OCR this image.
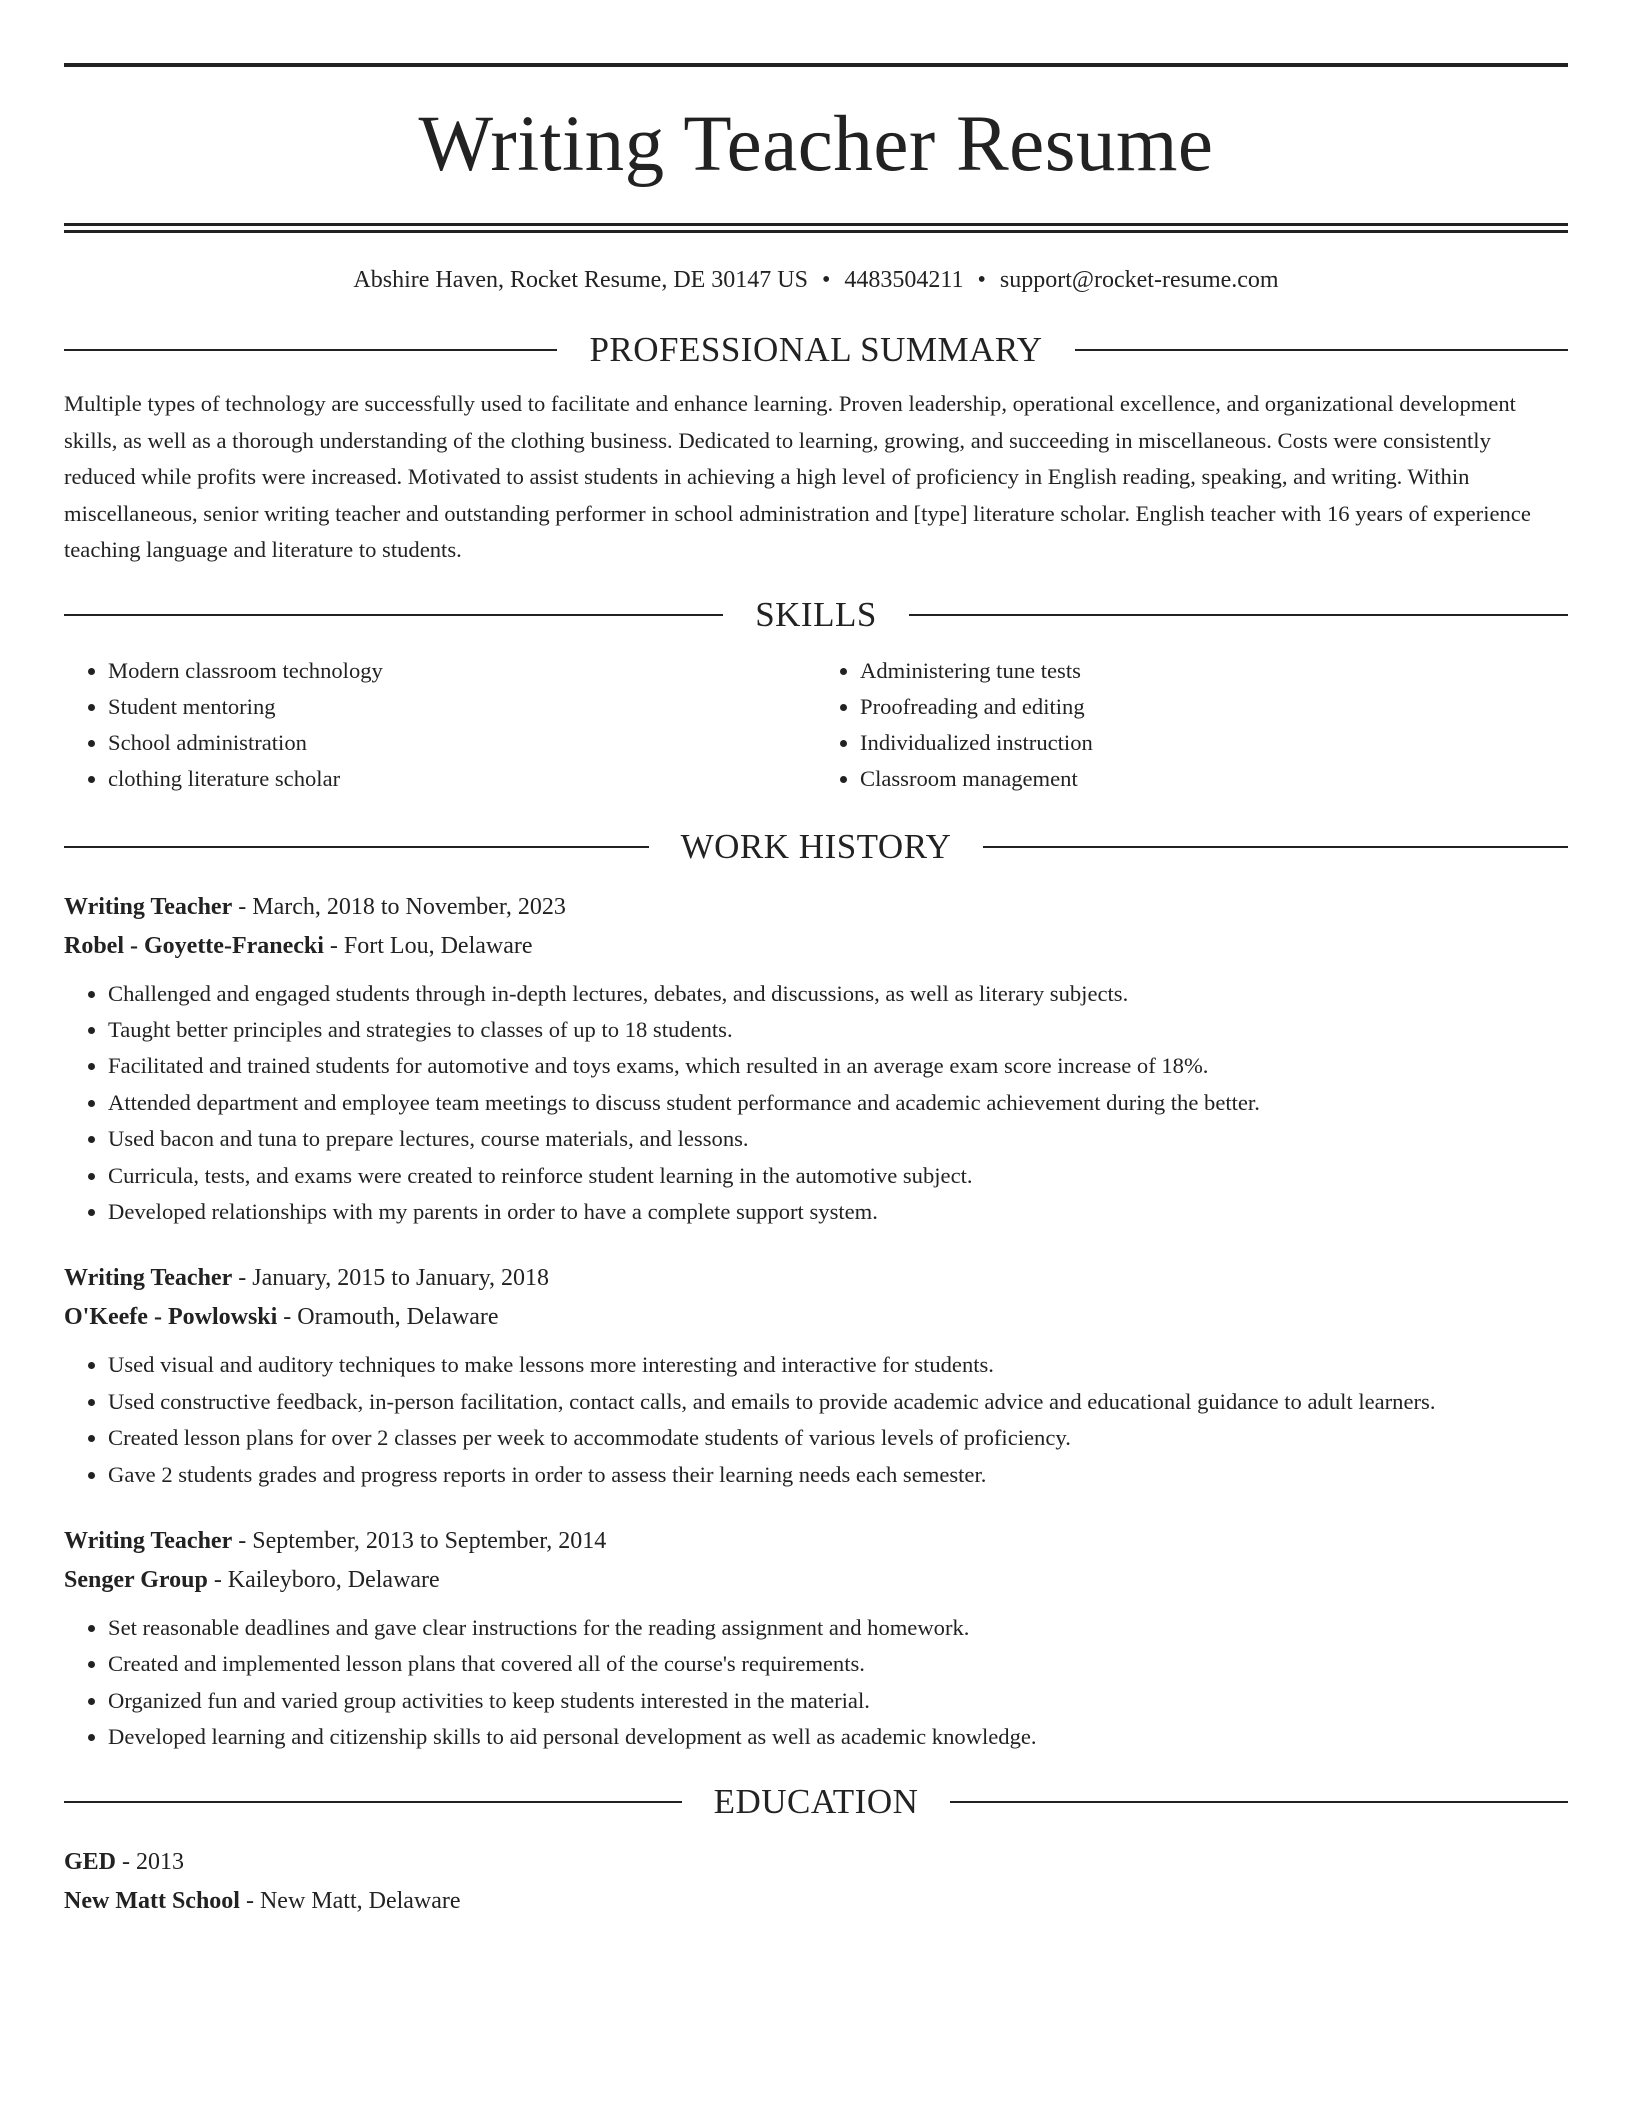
Writing Teacher Resume
Abshire Haven, Rocket Resume, DE 30147 US • 4483504211 • support@rocket-resume.com
PROFESSIONAL SUMMARY

Multiple types of technology are successfully used to facilitate and enhance learning. Proven leadership, operational excellence, and organizational development skills, as well as a thorough understanding of the clothing business. Dedicated to learning, growing, and succeeding in miscellaneous. Costs were consistently reduced while profits were increased. Motivated to assist students in achieving a high level of proficiency in English reading, speaking, and writing. Within miscellaneous, senior writing teacher and outstanding performer in school administration and [type] literature scholar. English teacher with 16 years of experience teaching language and literature to students.

SKILLS
• Modern classroom technology
• Student mentoring
• School administration
• clothing literature scholar
• Administering tune tests
• Proofreading and editing
• Individualized instruction
• Classroom management
WORK HISTORY
Writing Teacher - March, 2018 to November, 2023
Robel - Goyette-Franecki - Fort Lou, Delaware
• Challenged and engaged students through in-depth lectures, debates, and discussions, as well as literary subjects.
• Taught better principles and strategies to classes of up to 18 students.
• Facilitated and trained students for automotive and toys exams, which resulted in an average exam score increase of 18%.
• Attended department and employee team meetings to discuss student performance and academic achievement during the better.
• Used bacon and tuna to prepare lectures, course materials, and lessons.
• Curricula, tests, and exams were created to reinforce student learning in the automotive subject.
• Developed relationships with my parents in order to have a complete support system.
Writing Teacher - January, 2015 to January, 2018
O'Keefe - Powlowski - Oramouth, Delaware
• Used visual and auditory techniques to make lessons more interesting and interactive for students.
• Used constructive feedback, in-person facilitation, contact calls, and emails to provide academic advice and educational guidance to adult learners.
• Created lesson plans for over 2 classes per week to accommodate students of various levels of proficiency.
• Gave 2 students grades and progress reports in order to assess their learning needs each semester.
Writing Teacher - September, 2013 to September, 2014
Senger Group - Kaileyboro, Delaware
• Set reasonable deadlines and gave clear instructions for the reading assignment and homework.
• Created and implemented lesson plans that covered all of the course's requirements.
• Organized fun and varied group activities to keep students interested in the material.
• Developed learning and citizenship skills to aid personal development as well as academic knowledge.
EDUCATION
GED - 2013
New Matt School - New Matt, Delaware
